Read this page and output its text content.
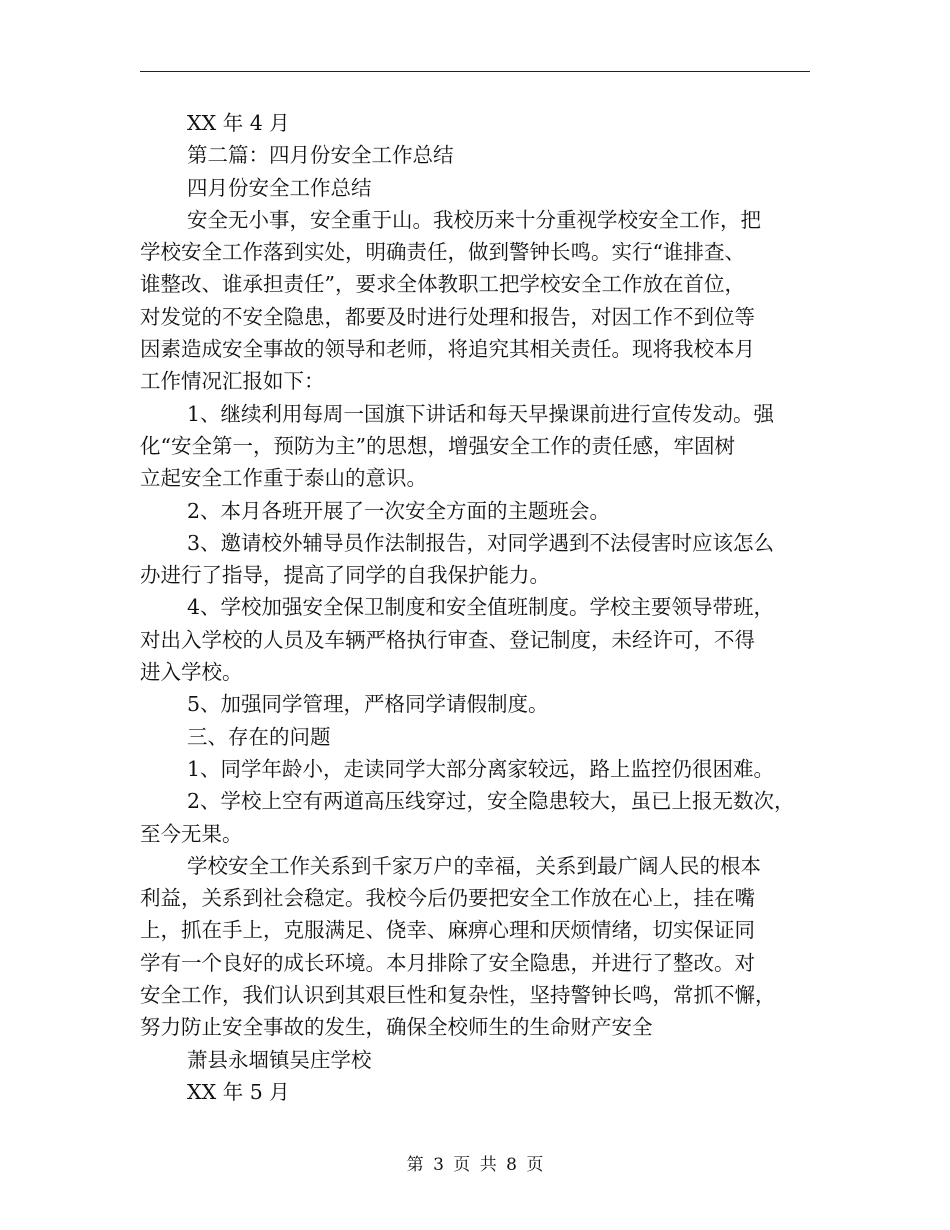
XX 年 4 月
第二篇：四月份安全工作总结
四月份安全工作总结
安全无小事，安全重于山。我校历来十分重视学校安全工作，把
学校安全工作落到实处，明确责任，做到警钟长鸣。实行“谁排查、
谁整改、谁承担责任”，要求全体教职工把学校安全工作放在首位，
对发觉的不安全隐患，都要及时进行处理和报告，对因工作不到位等
因素造成安全事故的领导和老师，将追究其相关责任。现将我校本月
工作情况汇报如下：
1、继续利用每周一国旗下讲话和每天早操课前进行宣传发动。强
化“安全第一，预防为主”的思想，增强安全工作的责任感，牢固树
立起安全工作重于泰山的意识。
2、本月各班开展了一次安全方面的主题班会。
3、邀请校外辅导员作法制报告，对同学遇到不法侵害时应该怎么
办进行了指导，提高了同学的自我保护能力。
4、学校加强安全保卫制度和安全值班制度。学校主要领导带班，
对出入学校的人员及车辆严格执行审查、登记制度，未经许可，不得
进入学校。
5、加强同学管理，严格同学请假制度。
三、存在的问题
1、同学年龄小，走读同学大部分离家较远，路上监控仍很困难。
2、学校上空有两道高压线穿过，安全隐患较大，虽已上报无数次，
至今无果。
学校安全工作关系到千家万户的幸福，关系到最广阔人民的根本
利益，关系到社会稳定。我校今后仍要把安全工作放在心上，挂在嘴
上，抓在手上，克服满足、侥幸、麻痹心理和厌烦情绪，切实保证同
学有一个良好的成长环境。本月排除了安全隐患，并进行了整改。对
安全工作，我们认识到其艰巨性和复杂性，坚持警钟长鸣，常抓不懈，
努力防止安全事故的发生，确保全校师生的生命财产安全
萧县永堌镇吴庄学校
XX 年 5 月
第 3 页 共 8 页
